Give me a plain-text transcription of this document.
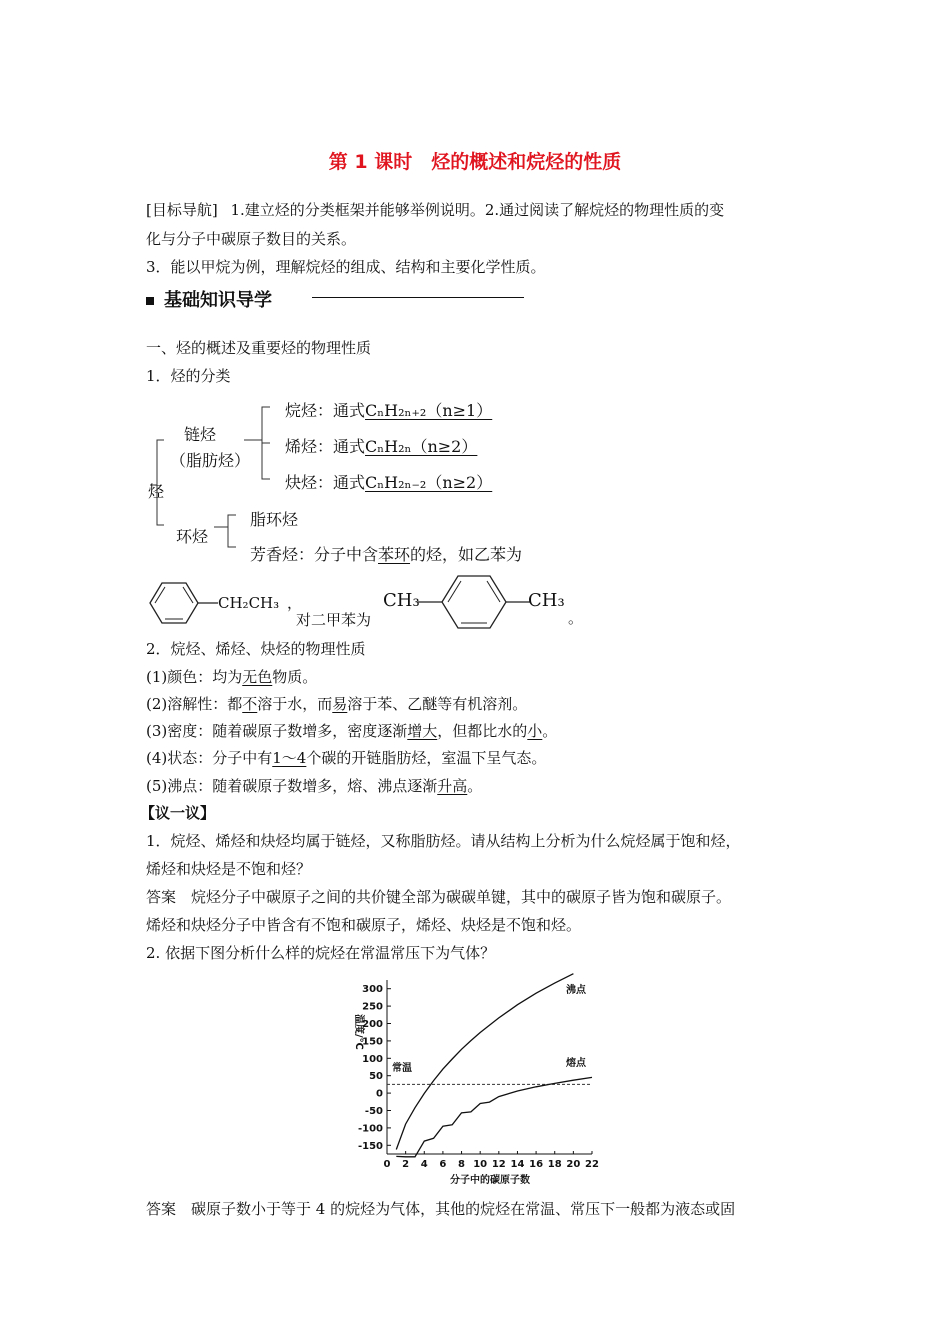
第 1 课时　烃的概述和烷烃的性质
[目标导航] 1.建立烃的分类框架并能够举例说明。2.通过阅读了解烷烃的物理性质的变
化与分子中碳原子数目的关系。
3．能以甲烷为例，理解烷烃的组成、结构和主要化学性质。
基础知识导学
一、烃的概述及重要烃的物理性质
1．烃的分类
烃
链烃
（脂肪烃）
烷烃：通式CₙH₂ₙ₊₂（n≥1）
烯烃：通式CₙH₂ₙ（n≥2）
炔烃：通式CₙH₂ₙ₋₂（n≥2）
环烃
脂环烃
芳香烃：分子中含苯环的烃，如乙苯为
CH₂CH₃ ，
对二甲苯为
CH₃	CH₃
。
2．烷烃、烯烃、炔烃的物理性质
(1)颜色：均为无色物质。
(2)溶解性：都不溶于水，而易溶于苯、乙醚等有机溶剂。
(3)密度：随着碳原子数增多，密度逐渐增大，但都比水的小。
(4)状态：分子中有1～4个碳的开链脂肪烃，室温下呈气态。
(5)沸点：随着碳原子数增多，熔、沸点逐渐升高。
【议一议】
1．烷烃、烯烃和炔烃均属于链烃，又称脂肪烃。请从结构上分析为什么烷烃属于饱和烃，
烯烃和炔烃是不饱和烃？
答案　烷烃分子中碳原子之间的共价键全部为碳碳单键，其中的碳原子皆为饱和碳原子。
烯烃和炔烃分子中皆含有不饱和碳原子，烯烃、炔烃是不饱和烃。
2. 依据下图分析什么样的烷烃在常温常压下为气体？
温度/℃
分子中的碳原子数
常温
沸点
熔点
300
250
200
150
100
50
0
-50
-100
-150
0 2 4 6 8 10 12 14 16 18 20 22
答案　碳原子数小于等于 4 的烷烃为气体，其他的烷烃在常温、常压下一般都为液态或固
